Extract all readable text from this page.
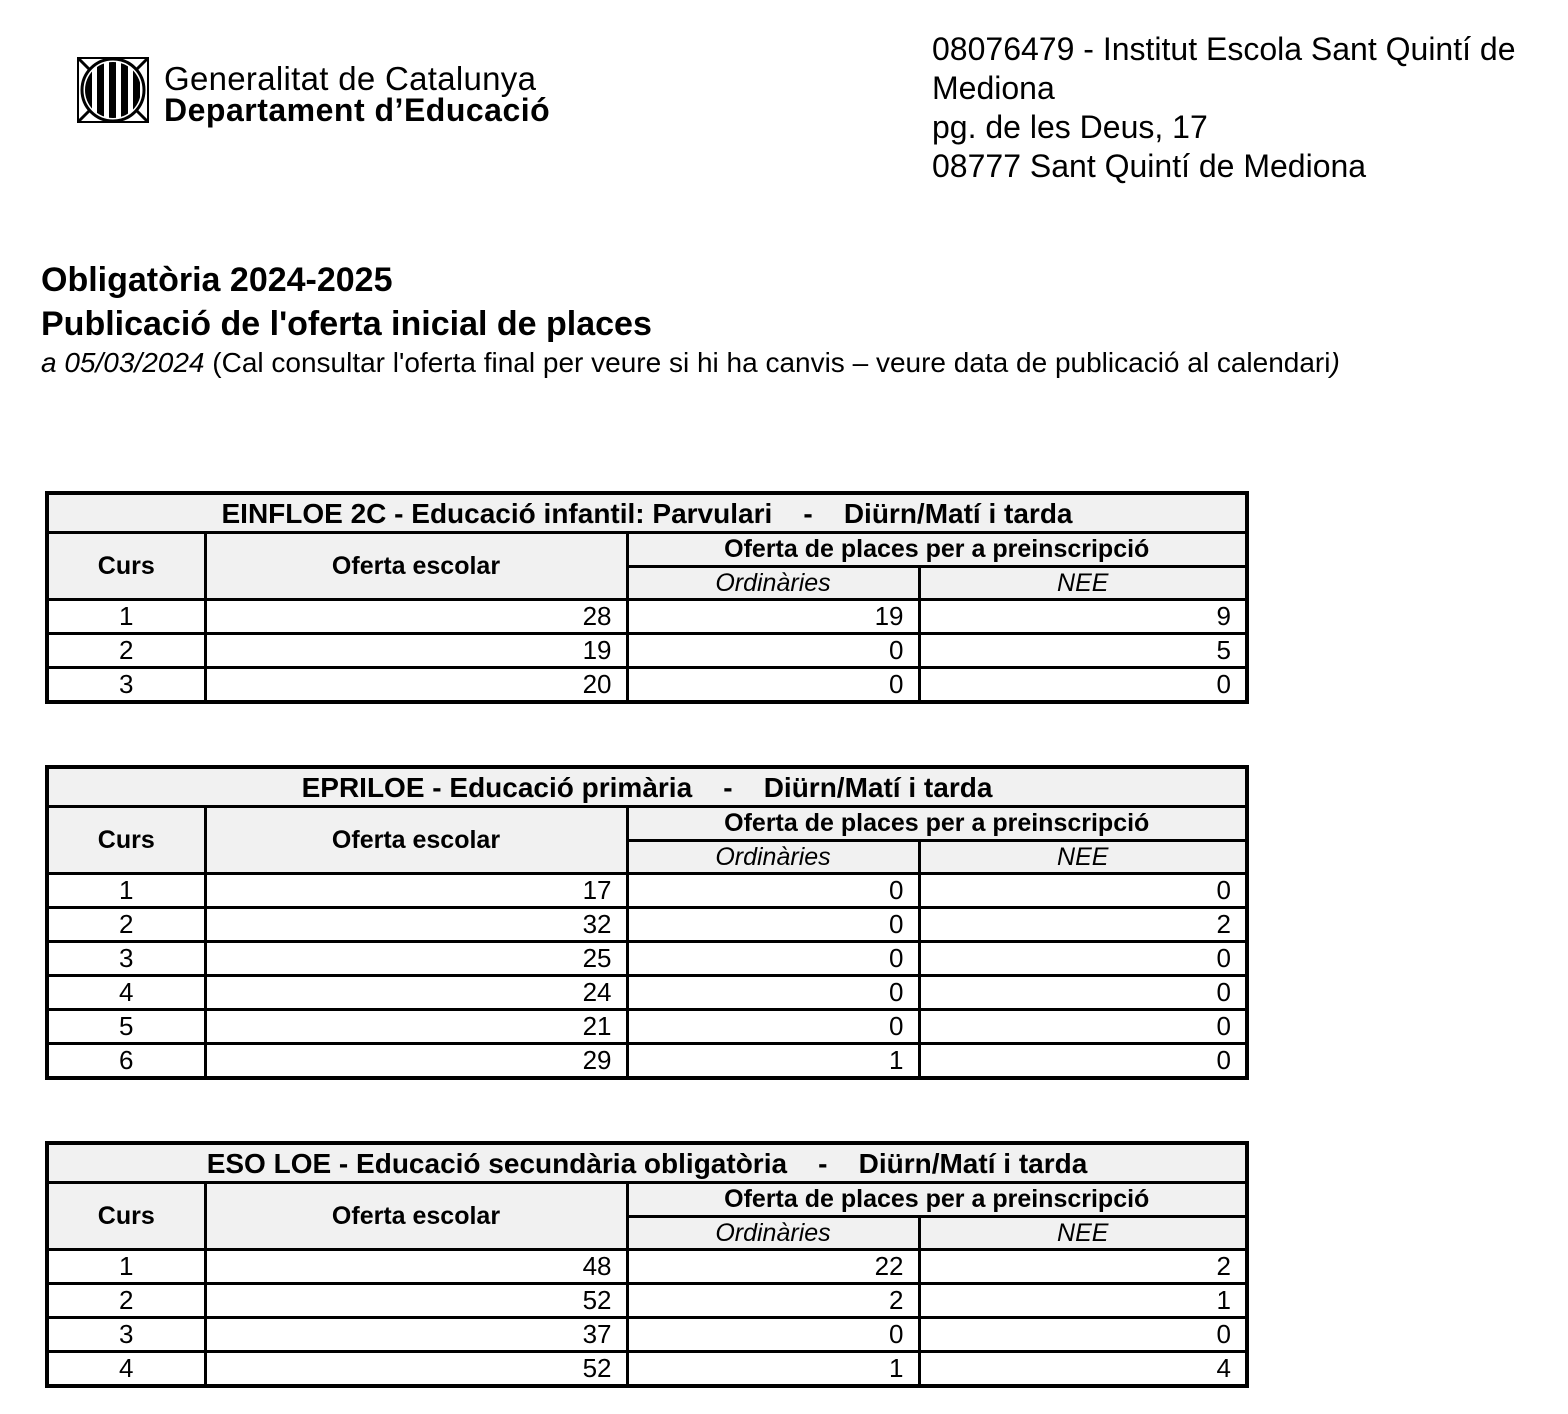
Generalitat de Catalunya
Departament d’Educació
08076479 - Institut Escola Sant Quintí de
Mediona
pg. de les Deus, 17
08777 Sant Quintí de Mediona
Obligatòria 2024-2025
Publicació de l'oferta inicial de places
a 05/03/2024 (Cal consultar l'oferta final per veure si hi ha canvis – veure data de publicació al calendari)
EINFLOE 2C - Educació infantil: Parvulari    -    Diürn/Matí i tarda			
Curs	Oferta escolar	Oferta de places per a preinscripció	
		Ordinàries	NEE
1	28	19	9
2	19	0	5
3	20	0	0
EPRILOE - Educació primària    -    Diürn/Matí i tarda			
Curs	Oferta escolar	Oferta de places per a preinscripció	
		Ordinàries	NEE
1	17	0	0
2	32	0	2
3	25	0	0
4	24	0	0
5	21	0	0
6	29	1	0
ESO LOE - Educació secundària obligatòria    -    Diürn/Matí i tarda			
Curs	Oferta escolar	Oferta de places per a preinscripció	
		Ordinàries	NEE
1	48	22	2
2	52	2	1
3	37	0	0
4	52	1	4
